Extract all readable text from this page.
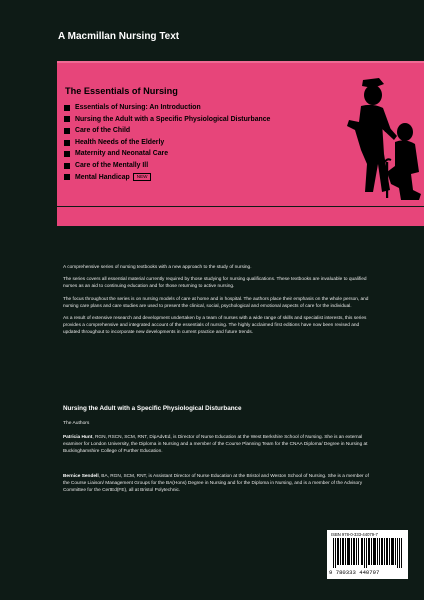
A Macmillan Nursing Text
The Essentials of Nursing
Essentials of Nursing: An Introduction
Nursing the Adult with a Specific Physiological Disturbance
Care of the Child
Health Needs of the Elderly
Maternity and Neonatal Care
Care of the Mentally Ill
Mental Handicap	NEW

A comprehensive series of nursing textbooks with a new approach to the study of nursing.

The series covers all essential material currently required by those studying for nursing qualifications. These textbooks are invaluable to qualified nurses as an aid to continuing education and for those returning to active nursing.

The focus throughout the series is on nursing models of care at home and in hospital. The authors place their emphasis on the whole person, and nursing care plans and care studies are used to present the clinical, social, psychological and emotional aspects of care for the individual.

As a result of extensive research and development undertaken by a team of nurses with a wide range of skills and specialist interests, this series provides a comprehensive and integrated account of the essentials of nursing. The highly acclaimed first editions have now been revised and updated throughout to incorporate new developments in current practice and future trends.

Nursing the Adult with a Specific Physiological Disturbance
The Authors
Patricia Hunt, RGN, RSCN, SCM, RNT, DipAdvEd, is Director of Nurse Education at the West Berkshire School of Nursing. She is an external examiner for London University, the Diploma in Nursing and a member of the Course Planning Team for the CNAA Diploma/ Degree in Nursing at Buckinghamshire College of Further Education.
Bernice Sendell, BA, RGN, SCM, RNT, is Assistant Director of Nurse Education at the Bristol and Weston School of Nursing. She is a member of the Course Liaison/ Management Groups for the BA(Hons) Degree in Nursing and for the Diploma in Nursing, and is a member of the Advisory Committee for the CertEd(FE), all at Bristol Polytechnic.
ISBN 978-0-333-44079-7
9 780333 440797
